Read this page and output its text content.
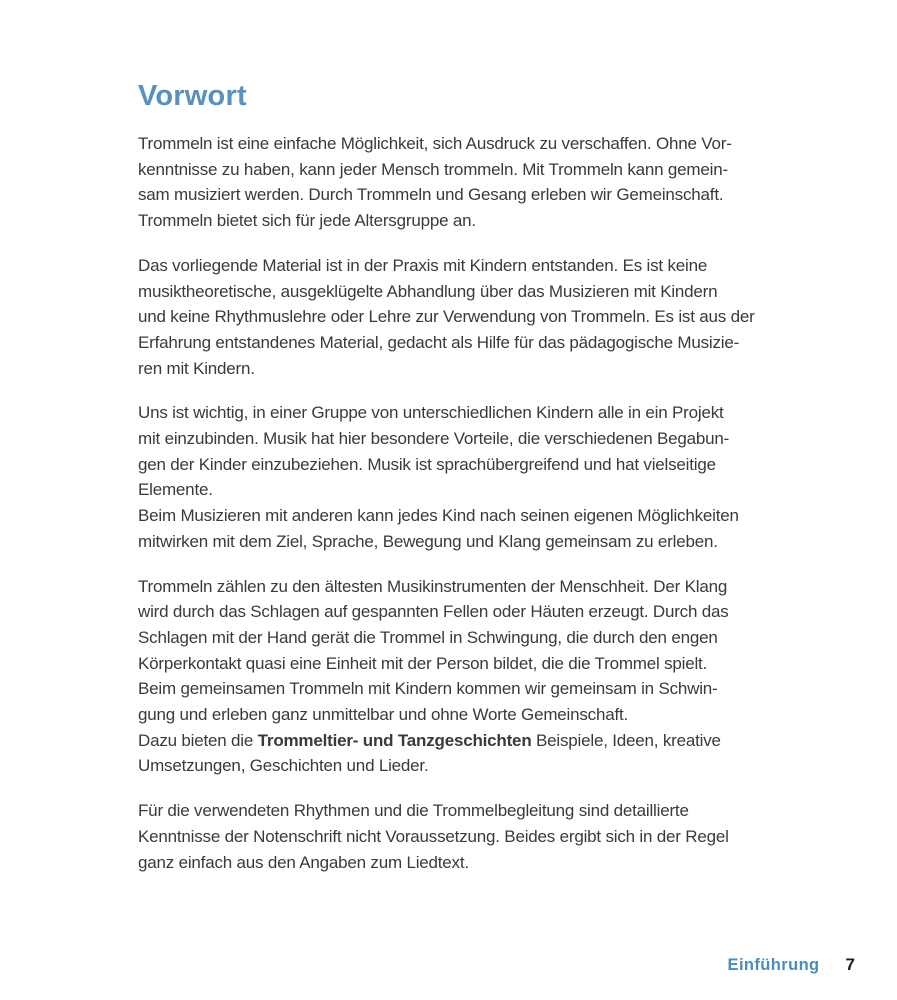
Vorwort

Trommeln ist eine einfache Möglichkeit, sich Ausdruck zu verschaffen. Ohne Vor-
kenntnisse zu haben, kann jeder Mensch trommeln. Mit Trommeln kann gemein-
sam musiziert werden. Durch Trommeln und Gesang erleben wir Gemeinschaft.
Trommeln bietet sich für jede Altersgruppe an.

Das vorliegende Material ist in der Praxis mit Kindern entstanden. Es ist keine
musiktheoretische, ausgeklügelte Abhandlung über das Musizieren mit Kindern
und keine Rhythmuslehre oder Lehre zur Verwendung von Trommeln. Es ist aus der
Erfahrung entstandenes Material, gedacht als Hilfe für das pädagogische Musizie-
ren mit Kindern.

Uns ist wichtig, in einer Gruppe von unterschiedlichen Kindern alle in ein Projekt
mit einzubinden. Musik hat hier besondere Vorteile, die verschiedenen Begabun-
gen der Kinder einzubeziehen. Musik ist sprachübergreifend und hat vielseitige
Elemente.
Beim Musizieren mit anderen kann jedes Kind nach seinen eigenen Möglichkeiten
mitwirken mit dem Ziel, Sprache, Bewegung und Klang gemeinsam zu erleben.

Trommeln zählen zu den ältesten Musikinstrumenten der Menschheit. Der Klang
wird durch das Schlagen auf gespannten Fellen oder Häuten erzeugt. Durch das
Schlagen mit der Hand gerät die Trommel in Schwingung, die durch den engen
Körperkontakt quasi eine Einheit mit der Person bildet, die die Trommel spielt.
Beim gemeinsamen Trommeln mit Kindern kommen wir gemeinsam in Schwin-
gung und erleben ganz unmittelbar und ohne Worte Gemeinschaft.
Dazu bieten die Trommeltier- und Tanzgeschichten Beispiele, Ideen, kreative
Umsetzungen, Geschichten und Lieder.

Für die verwendeten Rhythmen und die Trommelbegleitung sind detaillierte
Kenntnisse der Notenschrift nicht Voraussetzung. Beides ergibt sich in der Regel
ganz einfach aus den Angaben zum Liedtext.

Einführung 7
